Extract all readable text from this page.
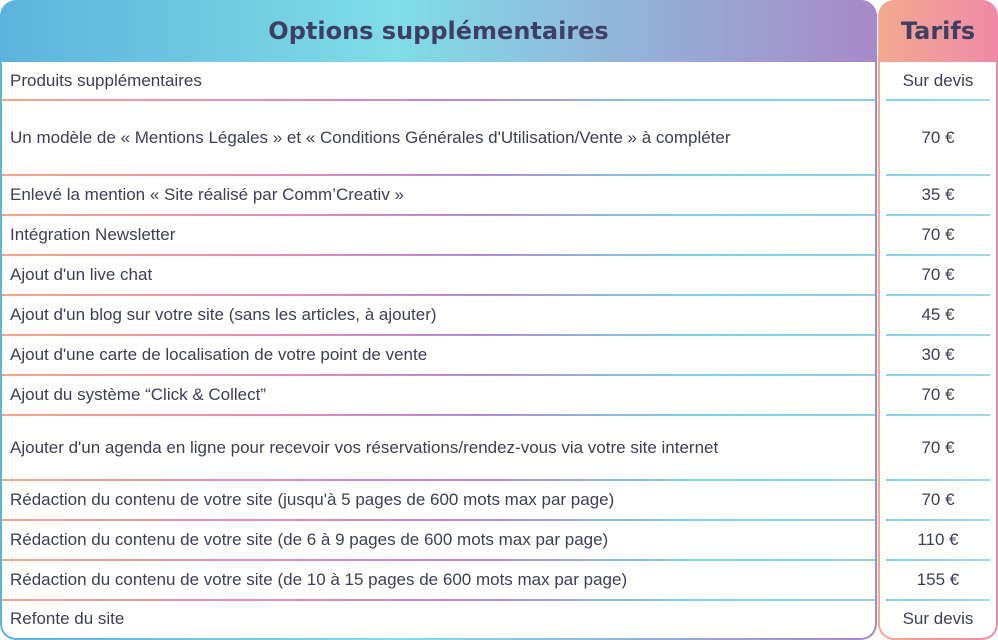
Options supplémentaires
Produits supplémentaires
Un modèle de « Mentions Légales » et « Conditions Générales d'Utilisation/Vente » à compléter
Enlevé la mention « Site réalisé par Comm’Creativ »
Intégration Newsletter
Ajout d'un live chat
Ajout d'un blog sur votre site (sans les articles, à ajouter)
Ajout d'une carte de localisation de votre point de vente
Ajout du système “Click & Collect”
Ajouter d'un agenda en ligne pour recevoir vos réservations/rendez-vous via votre site internet
Rédaction du contenu de votre site (jusqu'à 5 pages de 600 mots max par page)
Rédaction du contenu de votre site (de 6 à 9 pages de 600 mots max par page)
Rédaction du contenu de votre site (de 10 à 15 pages de 600 mots max par page)
Refonte du site
Tarifs
Sur devis
70 €
35 €
70 €
70 €
45 €
30 €
70 €
70 €
70 €
110 €
155 €
Sur devis
